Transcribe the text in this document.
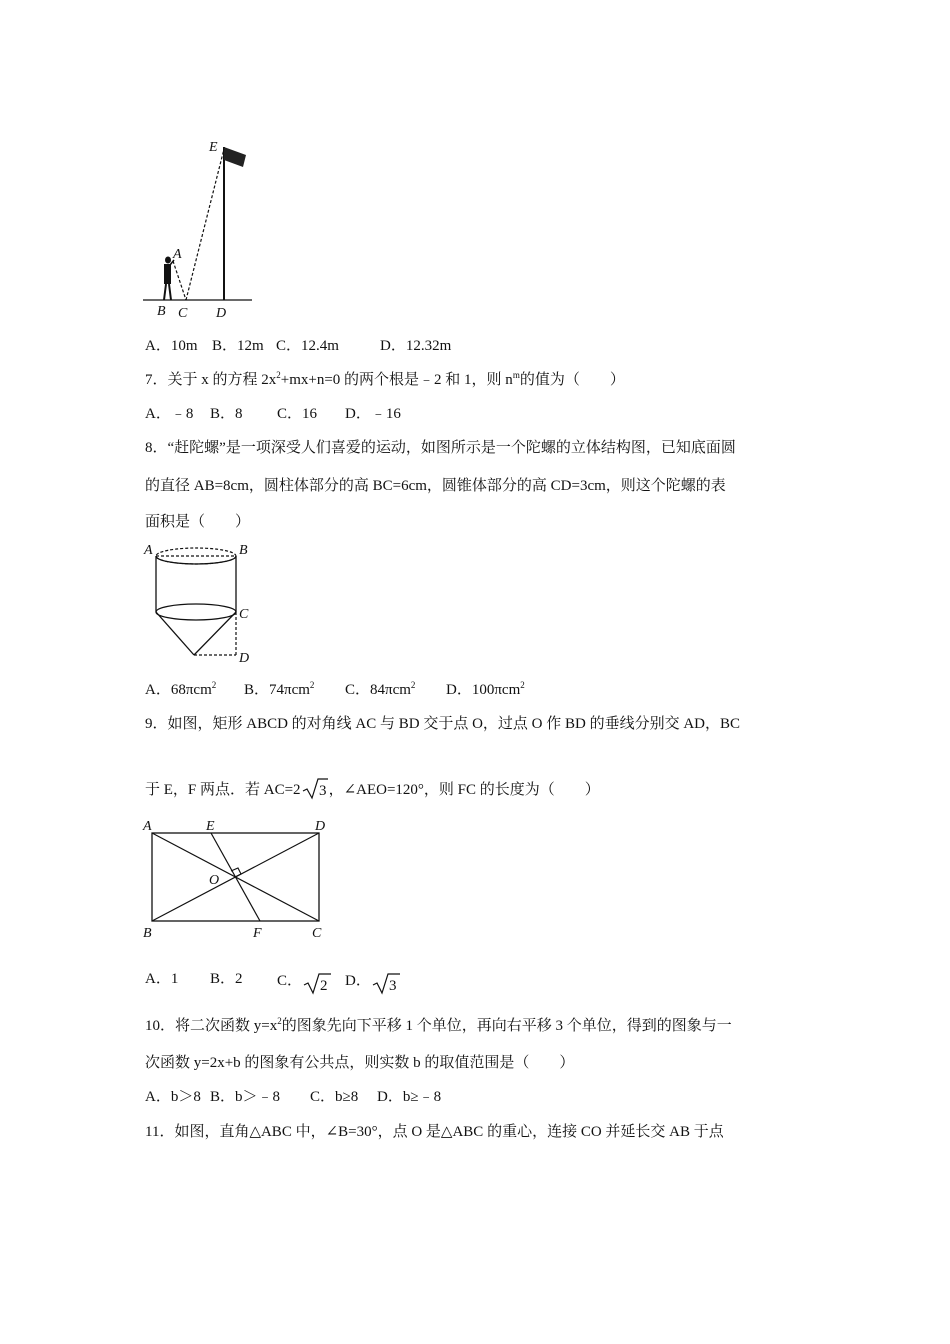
E
A
B C D
A．10m B．12m C．12.4m	D．12.32m
7．关于 x 的方程 $2x^2+mx+n=0$ 的两个根是﹣2 和 1，则 $n^m$的值为（　　）
A．﹣8 B．8 C．16 D．﹣16
8．“赶陀螺”是一项深受人们喜爱的运动，如图所示是一个陀螺的立体结构图，已知底面圆
的直径 AB=8cm，圆柱体部分的高 BC=6cm，圆锥体部分的高 CD=3cm，则这个陀螺的表
面积是（　　）
A	B
C
D
A．68πcm$^2$ B．74πcm$^2$ C．84πcm$^2$ D．100πcm$^2$
9．如图，矩形 ABCD 的对角线 AC 与 BD 交于点 O，过点 O 作 BD 的垂线分别交 AD，BC
于 E，F 两点．若 AC=2 3 ，∠AEO=120°，则 FC 的长度为（　　）
A	E	D
O
B	F	C
A．1 B．2 C． 2 D． 3
10．将二次函数 $y=x^2$的图象先向下平移 1 个单位，再向右平移 3 个单位，得到的图象与一
次函数 y=2x+b 的图象有公共点，则实数 b 的取值范围是（　　）
A．b＞8 B．b＞﹣8 C．b≥8 D．b≥﹣8
11．如图，直角△ABC 中，∠B=30°，点 O 是△ABC 的重心，连接 CO 并延长交 AB 于点
